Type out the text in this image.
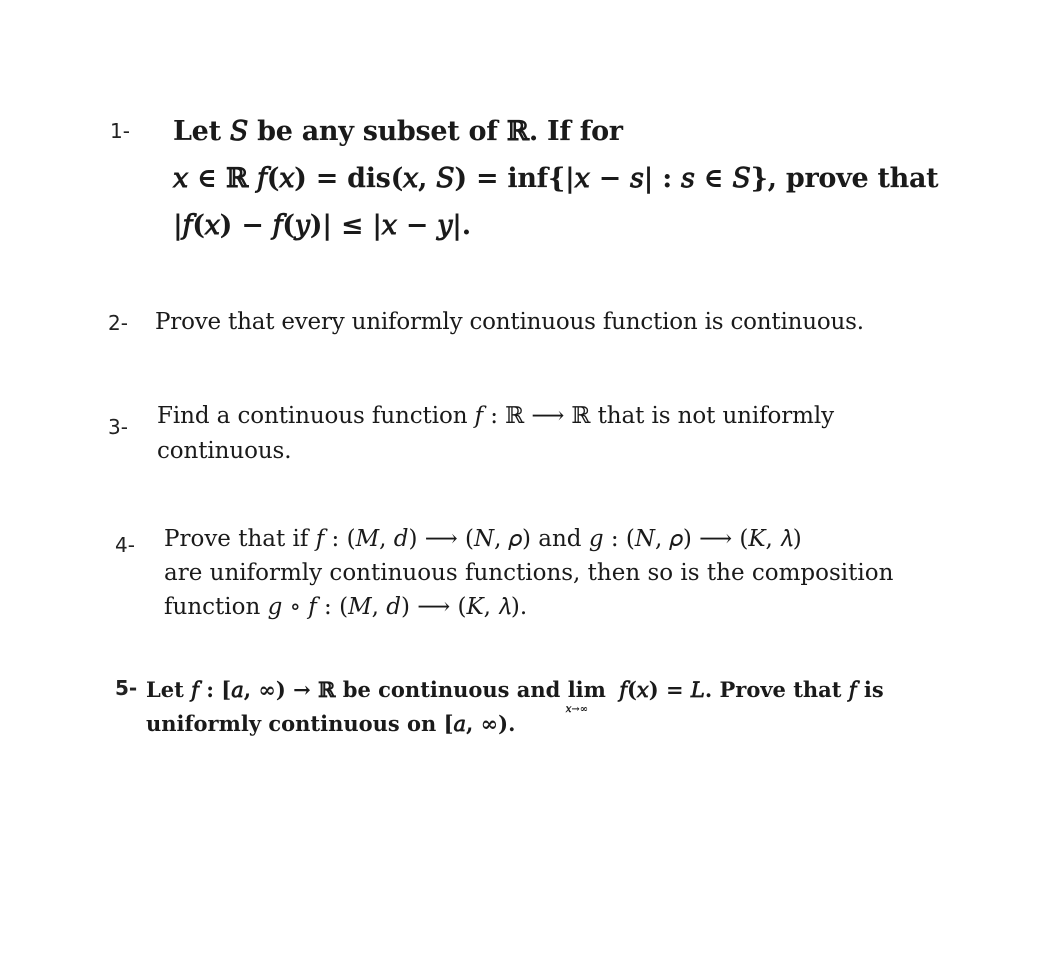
1- Let 𝑆 be any subset of ℝ. If for
𝑥 ∈ ℝ 𝑓(𝑥) = dis(𝑥, 𝑆) = inf{|𝑥 − 𝑠| : 𝑠 ∈ 𝑆}, prove that
|𝑓(𝑥) − 𝑓(𝑦)| ≤ |𝑥 − 𝑦|.
2- Prove that every uniformly continuous function is continuous.
3- Find a continuous function 𝑓 : ℝ ⟶ ℝ that is not uniformly
continuous.
4- Prove that if 𝑓 : (𝑀, 𝑑) ⟶ (𝑁, 𝜌) and 𝑔 : (𝑁, 𝜌) ⟶ (𝐾, 𝜆)
are uniformly continuous functions, then so is the composition
function 𝑔 ∘ 𝑓 : (𝑀, 𝑑) ⟶ (𝐾, 𝜆).
5- Let 𝑓 : [𝑎, ∞) → ℝ be continuous and lim
𝑥→∞
𝑓(𝑥) = 𝐿. Prove that 𝑓 is
uniformly continuous on [𝑎, ∞).
